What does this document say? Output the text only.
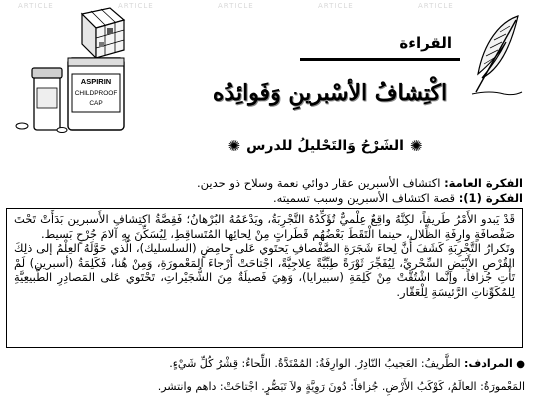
ARTICLE	ARTICLE	ARTICLE	ARTICLE	ARTICLE
ASPIRIN
CHILDPROOF
CAP
القراءة
اكْتِشافُ الأسْبرينِ وَفَوائِدُه
✺ الشَرْحُ وَالتَحْليلُ للدرس ✺
الفكرة العامة: اكتشاف الأسبرين عقار دوائي نعمة وسلاح ذو حدين.
الفكرة (1): قصة اكتشاف الأسبرين وسبب تسميته.

قَدْ يَبدو الأَمْرُ طَريفاً، لكِنَّهُ واقِعٌ عِلْميٌّ تُؤَكِّدُهُ التَّجْرِبَةُ، ويَدْعَمُهُ البُرْهانُ؛ فَقِصَّةُ اكتِشافِ الأَسبرين بَدَأَتْ تَحْتَ صَفْصافَةٍ وارِفَةِ الظِّلال، حينما الْتَقَطَ بَعْضُهُم قَطَراتٍ مِنْ لِحائِها المُتَساقِطِ، لِيُسَكِّنَ بِهِ آلامَ جُرْحٍ بَسيط.

وتَكرارُ التَّجْرِبَةِ كَشَفَ أَنَّ لِحاءَ شَجَرَةِ الصَّفْصافِ يَحتَوي عَلى حامِضٍ (السلسليك)، الَّذي حَوَّلَهُ العِلْمُ إلى ذلِكَ القُرْصِ الأَبْيَضِ السِّحْريِّ، لِيُفَجِّرَ ثَوْرَةً طِبِّيَّةً عِلاجِيَّةً، اجْتاحَتْ أَرْجاءَ المَعْمورَةِ، وَمِنْ هُنا، فَكَلِمَةُ (أسبرين) لَمْ تَأْتِ جُزافاً، وإنَّما اشْتُقَّتْ مِنْ كَلِمَةِ (سبيرايا)، وَهِيَ فَصيلَةٌ مِنَ الشُّجَيْراتِ، تَحْتَوي عَلى المَصادِرِ الطَّبيعِيَّةِ لِلمُكَوِّناتِ الرَّئيسَةِ لِلْعَقّار.

● المرادف: الطَّريفُ: العَجيبُ النّادِرُ. الوارِفَةُ: المُمْتَدَّةُ. اللِّحاءُ: قِشْرُ كُلِّ شَيْءٍ.
المَعْمورَةُ: العالَمُ، كَوْكَبُ الأَرْضِ. جُزافاً: دُونَ رَوِيَّةٍ ولاَ تَبَصُّرٍ. اجْتاحَتْ: داهم وانتشر.
